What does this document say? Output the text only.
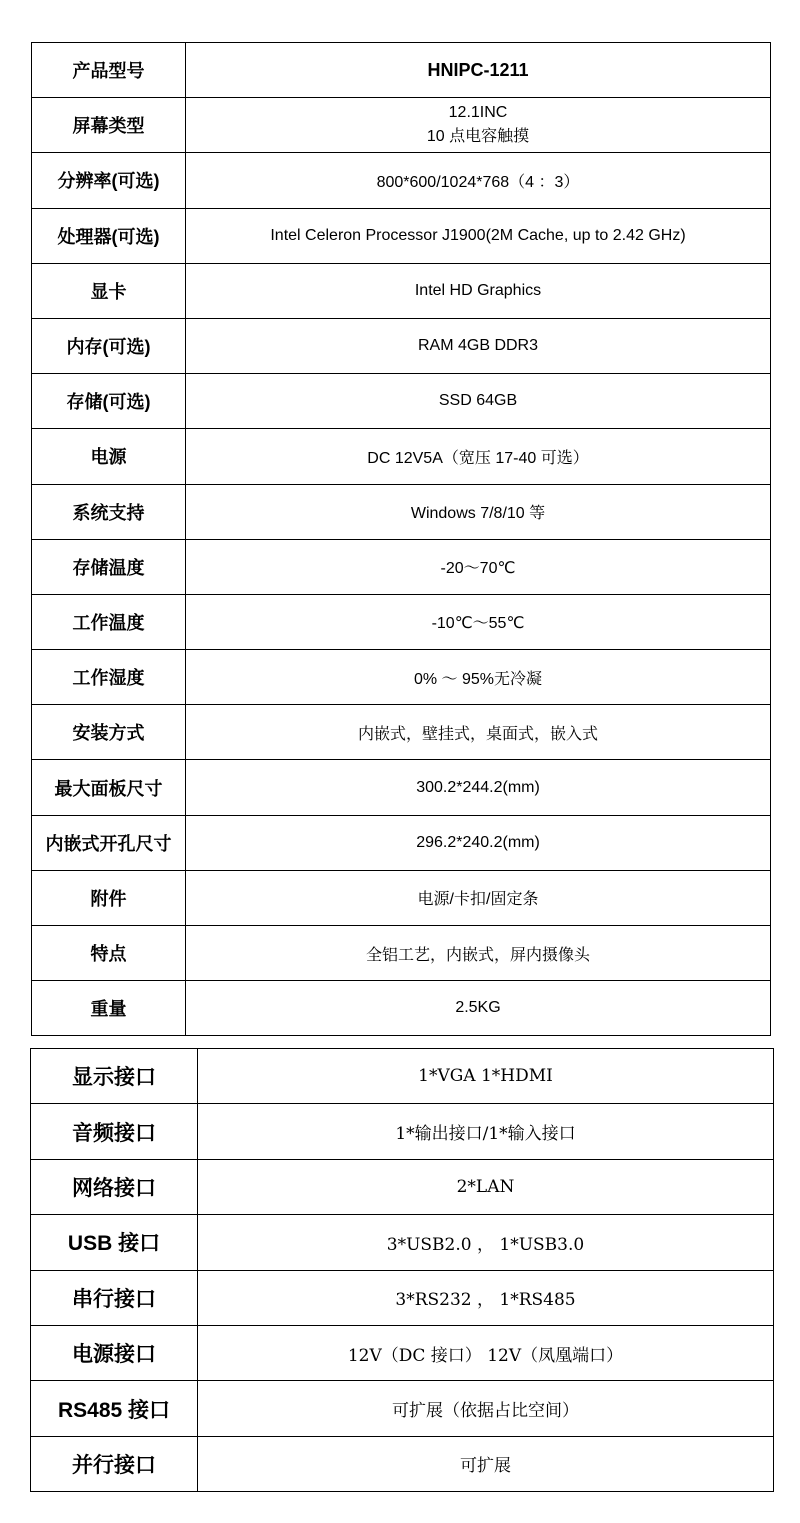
产品型号	HNIPC-1211
屏幕类型	12.1INC
10 点电容触摸

分辨率(可选)	800*600/1024*768（4 ：3）
处理器(可选)	Intel Celeron Processor J1900(2M Cache, up to 2.42 GHz)
显卡	Intel HD Graphics
内存(可选)	RAM 4GB DDR3
存储(可选)	SSD 64GB
电源	DC 12V5A（宽压 17-40 可选）
系统支持	Windows 7/8/10 等
存储温度	-20～70℃
工作温度	-10℃～55℃
工作湿度	0% ～ 95%无冷凝
安装方式	内嵌式，壁挂式，桌面式，嵌入式
最大面板尺寸	300.2*244.2(mm)
内嵌式开孔尺寸	296.2*240.2(mm)
附件	电源/卡扣/固定条
特点	全铝工艺，内嵌式，屏内摄像头
重量	2.5KG
显示接口	1*VGA 1*HDMI
音频接口	1*输出接口/1*输入接口
网络接口	2*LAN
USB 接口	3*USB2.0 ， 1*USB3.0
串行接口	3*RS232 ， 1*RS485
电源接口	12V（DC 接口） 12V（凤凰端口）
RS485 接口	可扩展（依据占比空间）
并行接口	可扩展
